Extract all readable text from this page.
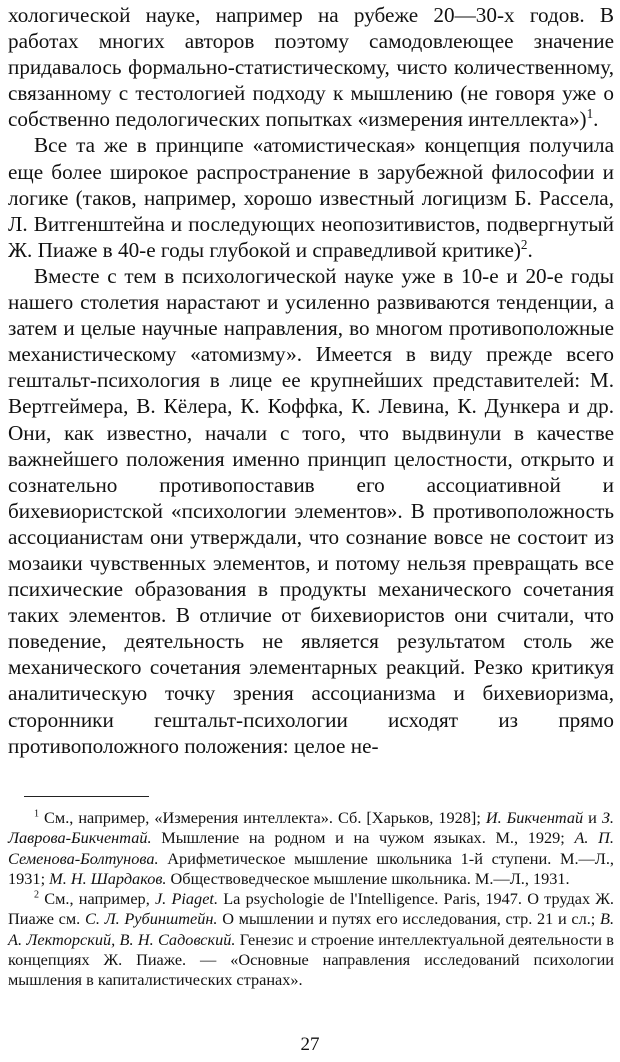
хологической науке, например на рубеже 20—30-х годов. В работах многих авторов поэтому самодовлеющее значение придавалось формально-статистическому, чисто количественному, связанному с тестологией подходу к мышлению (не говоря уже о собственно педологических попытках «измерения интеллекта»)$^1$.

Все та же в принципе «атомистическая» концепция получила еще более широкое распространение в зарубежной философии и логике (таков, например, хорошо известный логицизм Б. Рассела, Л. Витгенштейна и последующих неопозитивистов, подвергнутый Ж. Пиаже в 40-е годы глубокой и справедливой критике)$^2$.

Вместе с тем в психологической науке уже в 10-е и 20-е годы нашего столетия нарастают и усиленно развиваются тенденции, а затем и целые научные направления, во многом противоположные механистическому «атомизму». Имеется в виду прежде всего гештальт-психология в лице ее крупнейших представителей: М. Вертгеймера, В. Кёлера, К. Коффка, К. Левина, К. Дункера и др. Они, как известно, начали с того, что выдвинули в качестве важнейшего положения именно принцип целостности, открыто и сознательно противопоставив его ассоциативной и бихевиористской «психологии элементов». В противоположность ассоцианистам они утверждали, что сознание вовсе не состоит из мозаики чувственных элементов, и потому нельзя превращать все психические образования в продукты механического сочетания таких элементов. В отличие от бихевиористов они считали, что поведение, деятельность не является результатом столь же механического сочетания элементарных реакций. Резко критикуя аналитическую точку зрения ассоцианизма и бихевиоризма, сторонники гештальт-психологии исходят из прямо противоположного положения: целое не-

$^1$ См., например, «Измерения интеллекта». Сб. [Харьков, 1928]; И. Бикчентай и З. Лаврова-Бикчентай. Мышление на родном и на чужом языках. М., 1929; А. П. Семенова-Болтунова. Арифметическое мышление школьника 1-й ступени. М.—Л., 1931; М. Н. Шардаков. Обществоведческое мышление школьника. М.—Л., 1931.

$^2$ См., например, J. Piaget. La psychologie de l'Intelligence. Paris, 1947. О трудах Ж. Пиаже см. С. Л. Рубинштейн. О мышлении и путях его исследования, стр. 21 и сл.; В. А. Лекторский, В. Н. Садовский. Генезис и строение интеллектуальной деятельности в концепциях Ж. Пиаже. — «Основные направления исследований психологии мышления в капиталистических странах».

27
